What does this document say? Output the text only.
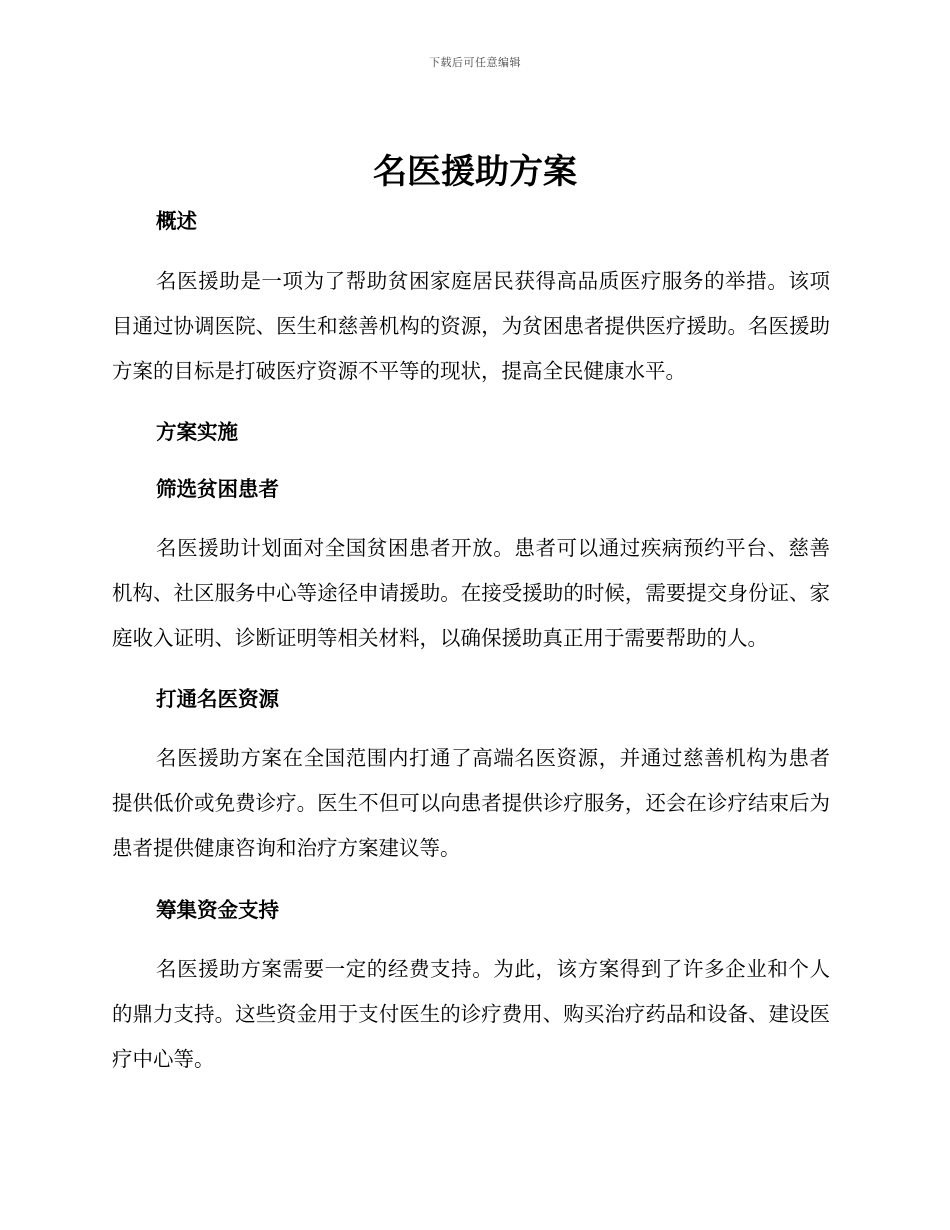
下载后可任意编辑
名医援助方案
概述

名医援助是一项为了帮助贫困家庭居民获得高品质医疗服务的举措。该项目通过协调医院、医生和慈善机构的资源，为贫困患者提供医疗援助。名医援助方案的目标是打破医疗资源不平等的现状，提高全民健康水平。

方案实施
筛选贫困患者

名医援助计划面对全国贫困患者开放。患者可以通过疾病预约平台、慈善机构、社区服务中心等途径申请援助。在接受援助的时候，需要提交身份证、家庭收入证明、诊断证明等相关材料，以确保援助真正用于需要帮助的人。

打通名医资源

名医援助方案在全国范围内打通了高端名医资源，并通过慈善机构为患者提供低价或免费诊疗。医生不但可以向患者提供诊疗服务，还会在诊疗结束后为患者提供健康咨询和治疗方案建议等。

筹集资金支持

名医援助方案需要一定的经费支持。为此，该方案得到了许多企业和个人的鼎力支持。这些资金用于支付医生的诊疗费用、购买治疗药品和设备、建设医疗中心等。
